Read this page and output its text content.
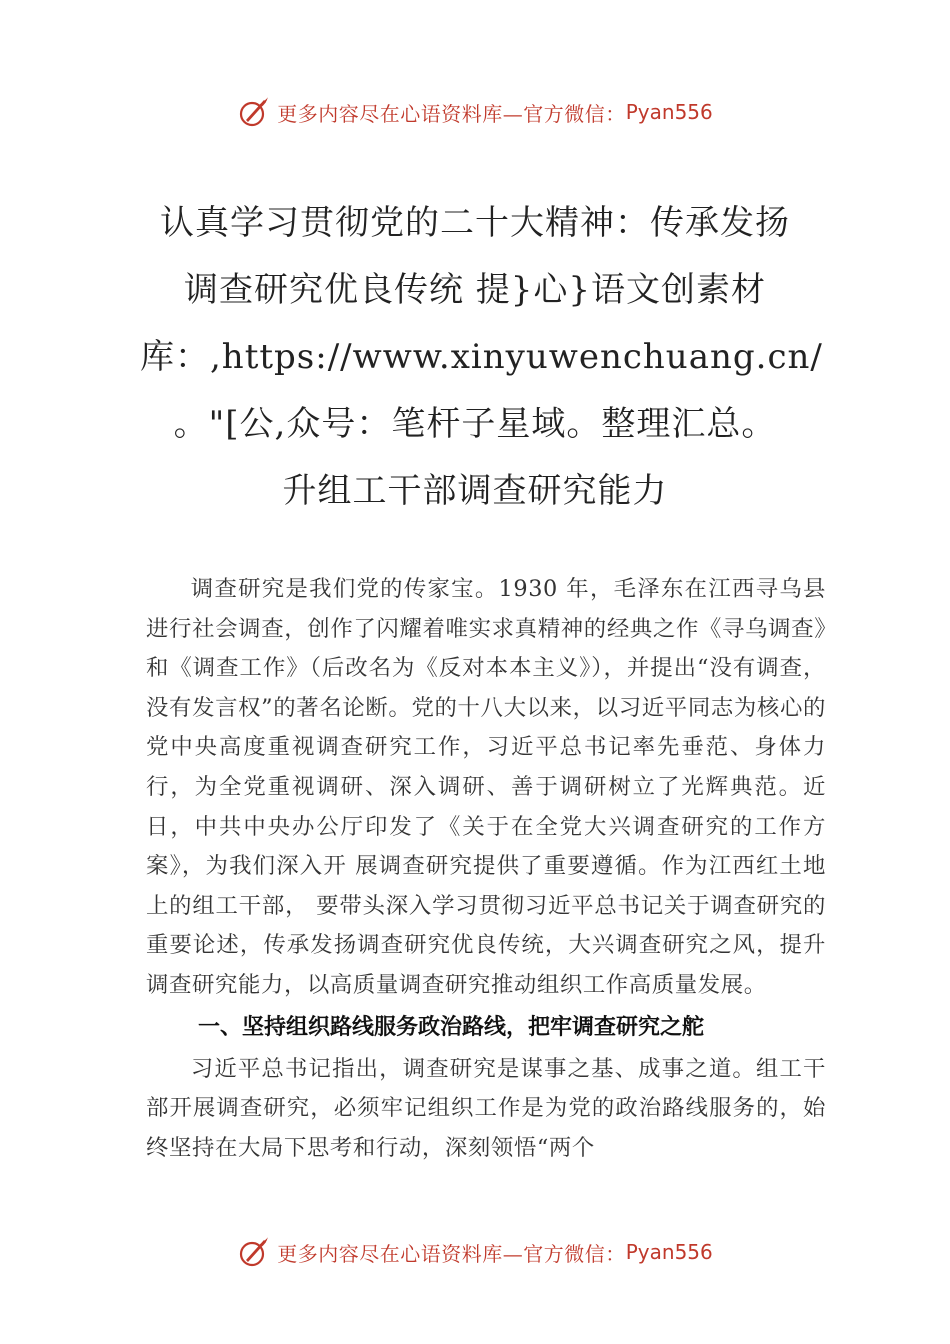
更多内容尽在心语资料库—官方微信： Pyan556
认真学习贯彻党的二十大精神：传承发扬
调查研究优良传统 提}心}语文创素材
库：,https://www.xinyuwenchuang.cn/
。"[公,众号：笔杆子星域。整理汇总。
升组工干部调查研究能力

调查研究是我们党的传家宝。1930 年，毛泽东在江西寻乌县进行社会调查，创作了闪耀着唯实求真精神的经典之作《寻乌调查》和《调查工作》（后改名为《反对本本主义》），并提出“没有调查，没有发言权”的著名论断。党的十八大以来，以习近平同志为核心的党中央高度重视调查研究工作，习近平总书记率先垂范、身体力行，为全党重视调研、深入调研、善于调研树立了光辉典范。近日，中共中央办公厅印发了《关于在全党大兴调查研究的工作方案》，为我们深入开 展调查研究提供了重要遵循。作为江西红土地上的组工干部， 要带头深入学习贯彻习近平总书记关于调查研究的重要论述，传承发扬调查研究优良传统，大兴调查研究之风，提升 调查研究能力，以高质量调查研究推动组织工作高质量发展。

一、坚持组织路线服务政治路线，把牢调查研究之舵

习近平总书记指出，调查研究是谋事之基、成事之道。组工干部开展调查研究，必须牢记组织工作是为党的政治路线服务的，始终坚持在大局下思考和行动，深刻领悟“两个

更多内容尽在心语资料库—官方微信： Pyan556
